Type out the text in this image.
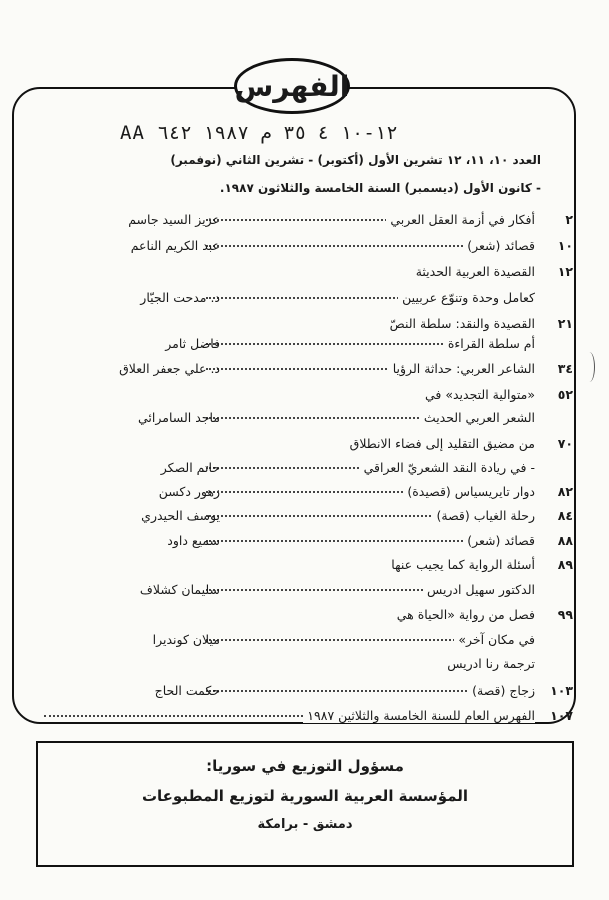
الفهرس
AA ١٢-١٠ ٤ ٣٥ م ١٩٨٧ ٦٤٢
العدد ١٠، ١١، ١٢ تشرين الأول (أكتوبر) - تشرين الثاني (نوفمبر)
- كانون الأول (ديسمبر) السنة الخامسة والثلاثون ١٩٨٧.
٢
أفكار في أزمة العقل العربي
عزيز السيد جاسم
١٠
قصائد (شعر)
عبد الكريم الناعم
١٢
القصيدة العربية الحديثة
كعامل وحدة وتنوّع عربيين
د. مدحت الجيّار
٢١
القصيدة والنقد: سلطة النصّ
أم سلطة القراءة
فاضل ثامر
٣٤
الشاعر العربي: حداثة الرؤيا
د. علي جعفر العلاق
٥٢
«متوالية التجديد» في
الشعر العربي الحديث
ماجد السامرائي
٧٠
من مضيق التقليد إلى فضاء الانطلاق
- في ريادة النقد الشعريّ العراقي
حاتم الصكر
٨٢
دوار تايريسياس (قصيدة)
زهور دكسن
٨٤
رحلة الغياب (قصة)
يوسف الحيدري
٨٨
قصائد (شعر)
سميع داود
٨٩
أسئلة الرواية كما يجيب عنها
الدكتور سهيل ادريس
سليمان كشلاف
٩٩
فصل من رواية «الحياة هي
في مكان آخر»
ميلان كونديرا
ترجمة رنا ادريس
١٠٣
زجاج (قصة)
حكمت الحاج
١٠٧
الفهرس العام للسنة الخامسة والثلاثين ١٩٨٧
مسؤول التوزيع في سوريا:
المؤسسة العربية السورية لتوزيع المطبوعات
دمشق - برامكة
